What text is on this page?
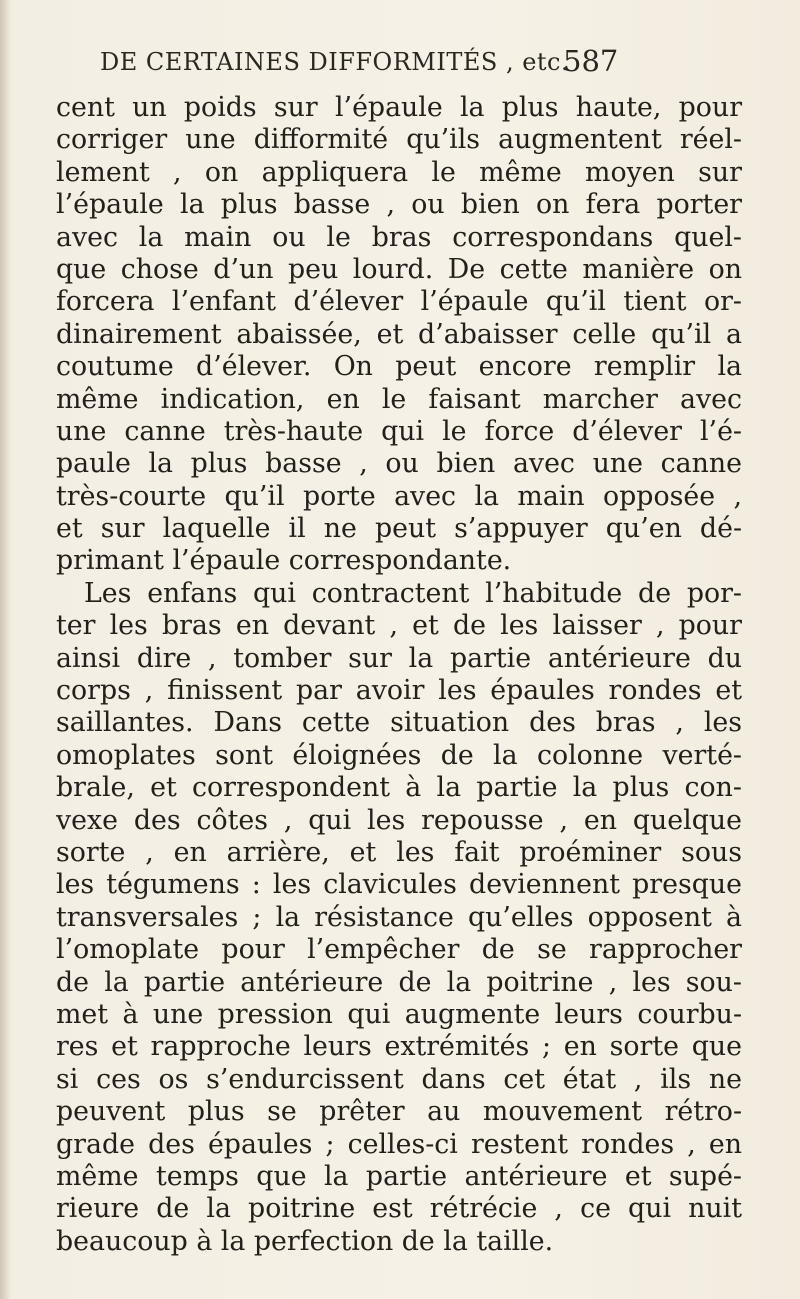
DE CERTAINES DIFFORMITÉS , etc.
587
cent un poids sur l’épaule la plus haute, pour
corriger une difformité qu’ils augmentent réel-
lement , on appliquera le même moyen sur
l’épaule la plus basse , ou bien on fera porter
avec la main ou le bras correspondans quel-
que chose d’un peu lourd. De cette manière on
forcera l’enfant d’élever l’épaule qu’il tient or-
dinairement abaissée, et d’abaisser celle qu’il a
coutume d’élever. On peut encore remplir la
même indication, en le faisant marcher avec
une canne très-haute qui le force d’élever l’é-
paule la plus basse , ou bien avec une canne
très-courte qu’il porte avec la main opposée ,
et sur laquelle il ne peut s’appuyer qu’en dé-
primant l’épaule correspondante.
Les enfans qui contractent l’habitude de por-
ter les bras en devant , et de les laisser , pour
ainsi dire , tomber sur la partie antérieure du
corps , finissent par avoir les épaules rondes et
saillantes. Dans cette situation des bras , les
omoplates sont éloignées de la colonne verté-
brale, et correspondent à la partie la plus con-
vexe des côtes , qui les repousse , en quelque
sorte , en arrière, et les fait proéminer sous
les tégumens : les clavicules deviennent presque
transversales ; la résistance qu’elles opposent à
l’omoplate pour l’empêcher de se rapprocher
de la partie antérieure de la poitrine , les sou-
met à une pression qui augmente leurs courbu-
res et rapproche leurs extrémités ; en sorte que
si ces os s’endurcissent dans cet état , ils ne
peuvent plus se prêter au mouvement rétro-
grade des épaules ; celles-ci restent rondes , en
même temps que la partie antérieure et supé-
rieure de la poitrine est rétrécie , ce qui nuit
beaucoup à la perfection de la taille.
